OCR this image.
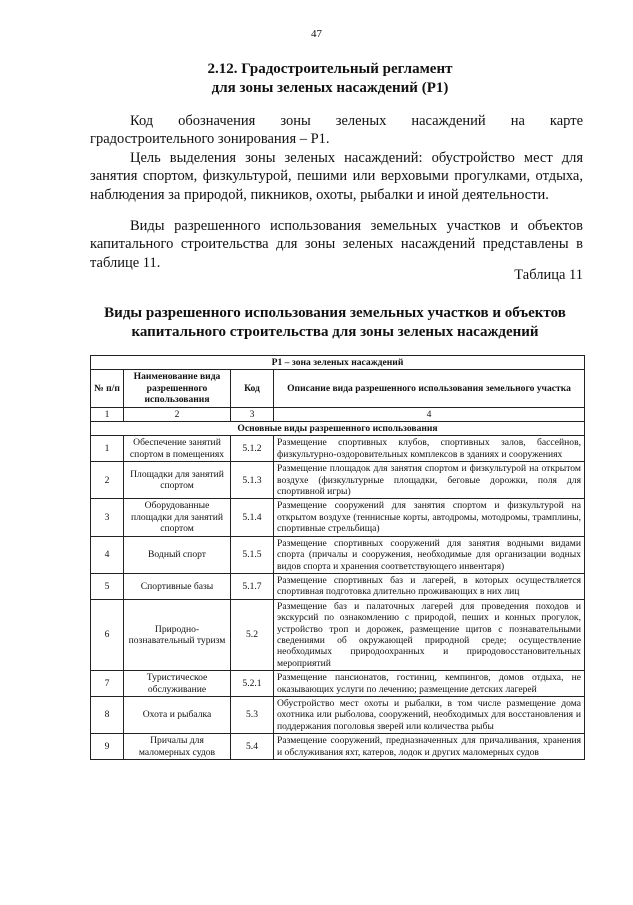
47
2.12. Градостроительный регламент
для зоны зеленых насаждений (Р1)
Код обозначения зоны зеленых насаждений на карте
градостроительного зонирования – Р1.
Цель выделения зоны зеленых насаждений: обустройство мест для занятия спортом, физкультурой, пешими или верховыми прогулками, отдыха, наблюдения за природой, пикников, охоты, рыбалки и иной деятельности.
Виды разрешенного использования земельных участков и объектов капитального строительства для зоны зеленых насаждений представлены в таблице 11.
Таблица 11
Виды разрешенного использования земельных участков и объектов
капитального строительства для зоны зеленых насаждений
Р1 – зона зеленых насаждений			
№ п/п	Наименование вида разрешенного использования	Код	Описание вида разрешенного использования земельного участка
1	2	3	4
Основные виды разрешенного использования			
1	Обеспечение занятий спортом в помещениях	5.1.2	Размещение спортивных клубов, спортивных залов, бассейнов, физкультурно-оздоровительных комплексов в зданиях и сооружениях
2	Площадки для занятий спортом	5.1.3	Размещение площадок для занятия спортом и физкультурой на открытом воздухе (физкультурные площадки, беговые дорожки, поля для спортивной игры)
3	Оборудованные площадки для занятий спортом	5.1.4	Размещение сооружений для занятия спортом и физкультурой на открытом воздухе (теннисные корты, автодромы, мотодромы, трамплины, спортивные стрельбища)
4	Водный спорт	5.1.5	Размещение спортивных сооружений для занятия водными видами спорта (причалы и сооружения, необходимые для организации водных видов спорта и хранения соответствующего инвентаря)
5	Спортивные базы	5.1.7	Размещение спортивных баз и лагерей, в которых осуществляется спортивная подготовка длительно проживающих в них лиц
6	Природно-познавательный туризм	5.2	Размещение баз и палаточных лагерей для проведения походов и экскурсий по ознакомлению с природой, пеших и конных прогулок, устройство троп и дорожек, размещение щитов с познавательными сведениями об окружающей природной среде; осуществление необходимых природоохранных и природовосстановительных мероприятий
7	Туристическое обслуживание	5.2.1	Размещение пансионатов, гостиниц, кемпингов, домов отдыха, не оказывающих услуги по лечению; размещение детских лагерей
8	Охота и рыбалка	5.3	Обустройство мест охоты и рыбалки, в том числе размещение дома охотника или рыболова, сооружений, необходимых для восстановления и поддержания поголовья зверей или количества рыбы
9	Причалы для маломерных судов	5.4	Размещение сооружений, предназначенных для причаливания, хранения и обслуживания яхт, катеров, лодок и других маломерных судов
